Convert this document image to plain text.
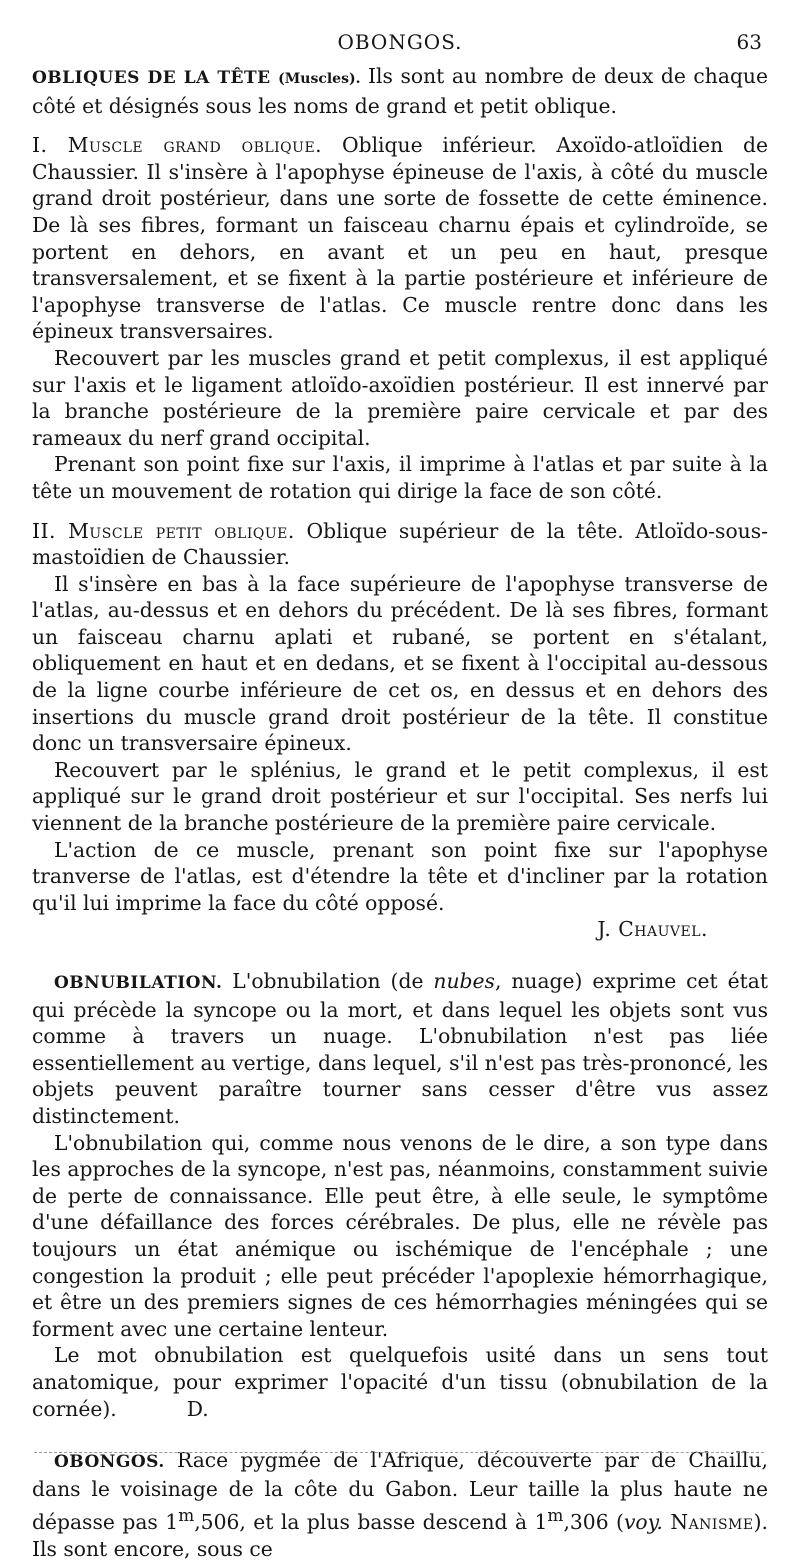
OBONGOS.	63

OBLIQUES DE LA TÊTE (Muscles). Ils sont au nombre de deux de chaque côté et désignés sous les noms de grand et petit oblique.

I. Muscle grand oblique. Oblique inférieur. Axoïdo-atloïdien de Chaussier. Il s'insère à l'apophyse épineuse de l'axis, à côté du muscle grand droit postérieur, dans une sorte de fossette de cette éminence. De là ses fibres, formant un faisceau charnu épais et cylindroïde, se portent en dehors, en avant et un peu en haut, presque transversalement, et se fixent à la partie postérieure et inférieure de l'apophyse transverse de l'atlas. Ce muscle rentre donc dans les épineux transversaires.

Recouvert par les muscles grand et petit complexus, il est appliqué sur l'axis et le ligament atloïdo-axoïdien postérieur. Il est innervé par la branche postérieure de la première paire cervicale et par des rameaux du nerf grand occipital.

Prenant son point fixe sur l'axis, il imprime à l'atlas et par suite à la tête un mouvement de rotation qui dirige la face de son côté.

II. Muscle petit oblique. Oblique supérieur de la tête. Atloïdo-sous-mastoïdien de Chaussier.

Il s'insère en bas à la face supérieure de l'apophyse transverse de l'atlas, au-dessus et en dehors du précédent. De là ses fibres, formant un faisceau charnu aplati et rubané, se portent en s'étalant, obliquement en haut et en dedans, et se fixent à l'occipital au-dessous de la ligne courbe inférieure de cet os, en dessus et en dehors des insertions du muscle grand droit postérieur de la tête. Il constitue donc un transversaire épineux.

Recouvert par le splénius, le grand et le petit complexus, il est appliqué sur le grand droit postérieur et sur l'occipital. Ses nerfs lui viennent de la branche postérieure de la première paire cervicale.

L'action de ce muscle, prenant son point fixe sur l'apophyse tranverse de l'atlas, est d'étendre la tête et d'incliner par la rotation qu'il lui imprime la face du côté opposé.

J. Chauvel.

OBNUBILATION. L'obnubilation (de nubes, nuage) exprime cet état qui précède la syncope ou la mort, et dans lequel les objets sont vus comme à travers un nuage. L'obnubilation n'est pas liée essentiellement au vertige, dans lequel, s'il n'est pas très-prononcé, les objets peuvent paraître tourner sans cesser d'être vus assez distinctement.

L'obnubilation qui, comme nous venons de le dire, a son type dans les approches de la syncope, n'est pas, néanmoins, constamment suivie de perte de connaissance. Elle peut être, à elle seule, le symptôme d'une défaillance des forces cérébrales. De plus, elle ne révèle pas toujours un état anémique ou ischémique de l'encéphale ; une congestion la produit ; elle peut précéder l'apoplexie hémorrhagique, et être un des premiers signes de ces hémorrhagies méningées qui se forment avec une certaine lenteur.

Le mot obnubilation est quelquefois usité dans un sens tout anatomique, pour exprimer l'opacité d'un tissu (obnubilation de la cornée).	D.

OBONGOS. Race pygmée de l'Afrique, découverte par de Chaillu, dans le voisinage de la côte du Gabon. Leur taille la plus haute ne dépasse pas 1$^m$,506, et la plus basse descend à 1$^m$,306 (voy. Nanisme). Ils sont encore, sous ce
